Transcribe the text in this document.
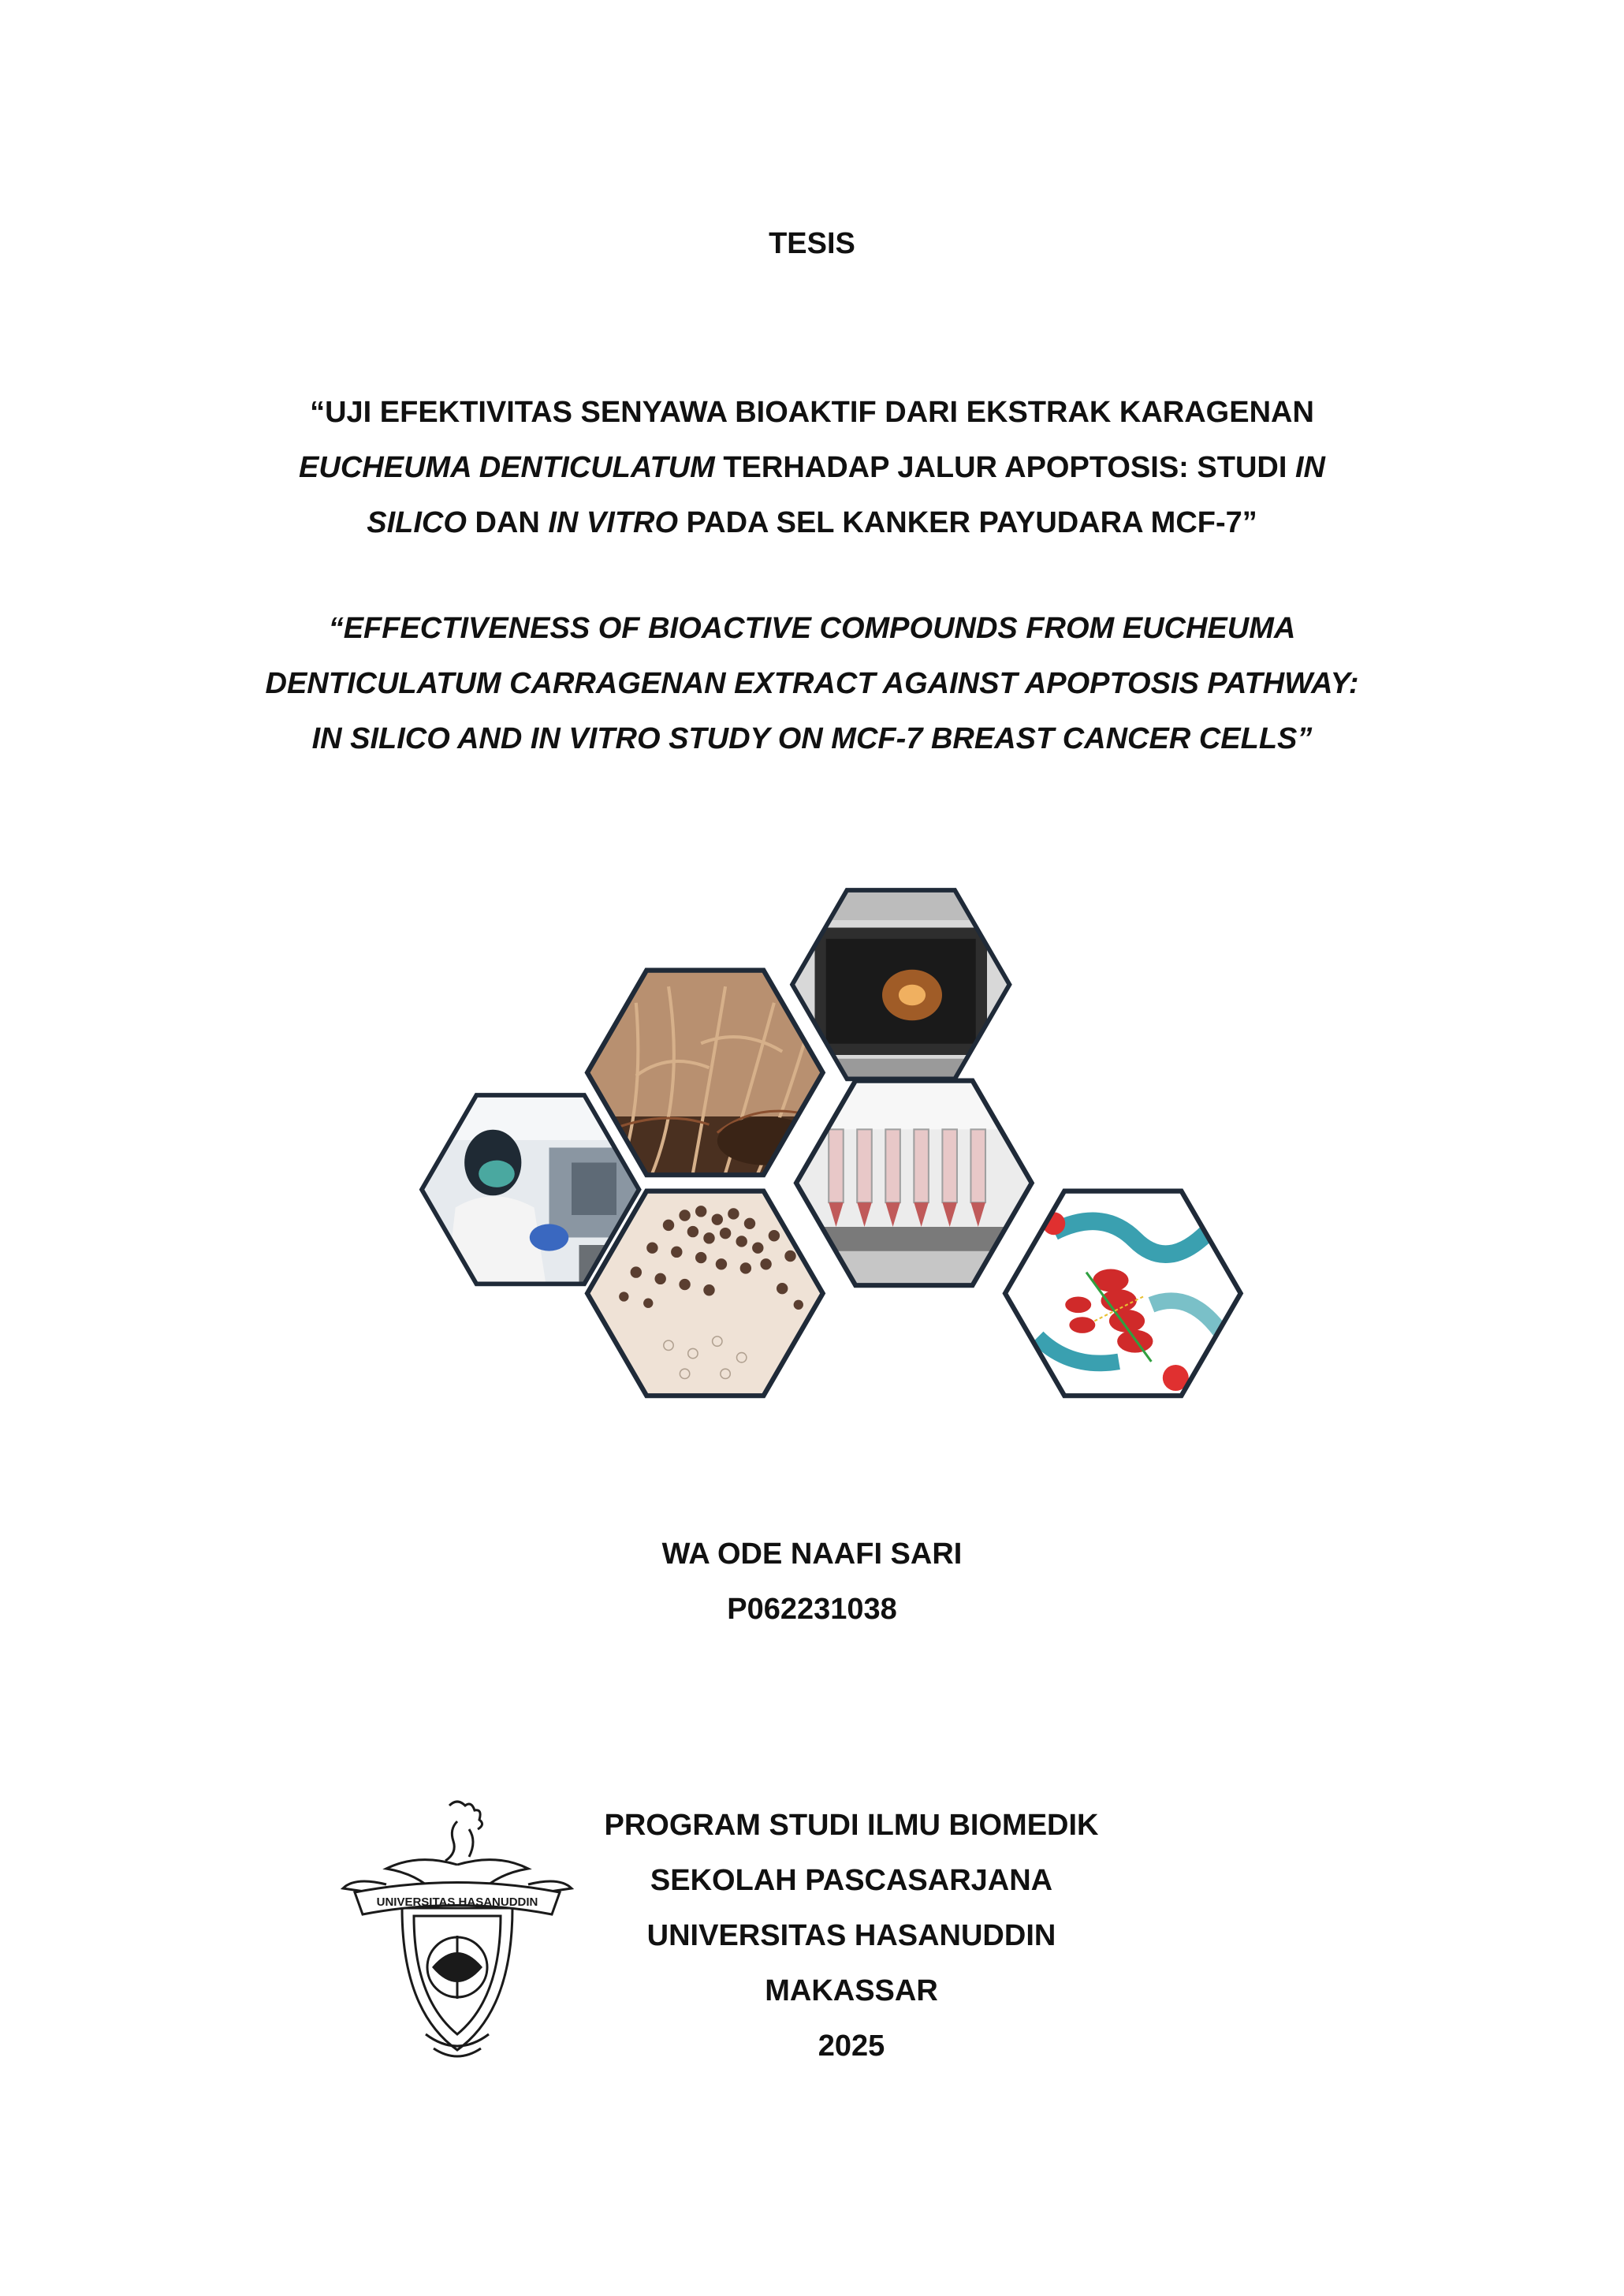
TESIS
“UJI EFEKTIVITAS SENYAWA BIOAKTIF DARI EKSTRAK KARAGENAN
EUCHEUMA DENTICULATUM TERHADAP JALUR APOPTOSIS: STUDI IN
SILICO DAN IN VITRO PADA SEL KANKER PAYUDARA MCF-7”
“EFFECTIVENESS OF BIOACTIVE COMPOUNDS FROM EUCHEUMA
DENTICULATUM CARRAGENAN EXTRACT AGAINST APOPTOSIS PATHWAY:
IN SILICO AND IN VITRO STUDY ON MCF-7 BREAST CANCER CELLS”
WA ODE NAAFI SARI
P062231038
UNIVERSITAS HASANUDDIN
PROGRAM STUDI ILMU BIOMEDIK
SEKOLAH PASCASARJANA
UNIVERSITAS HASANUDDIN
MAKASSAR
2025
